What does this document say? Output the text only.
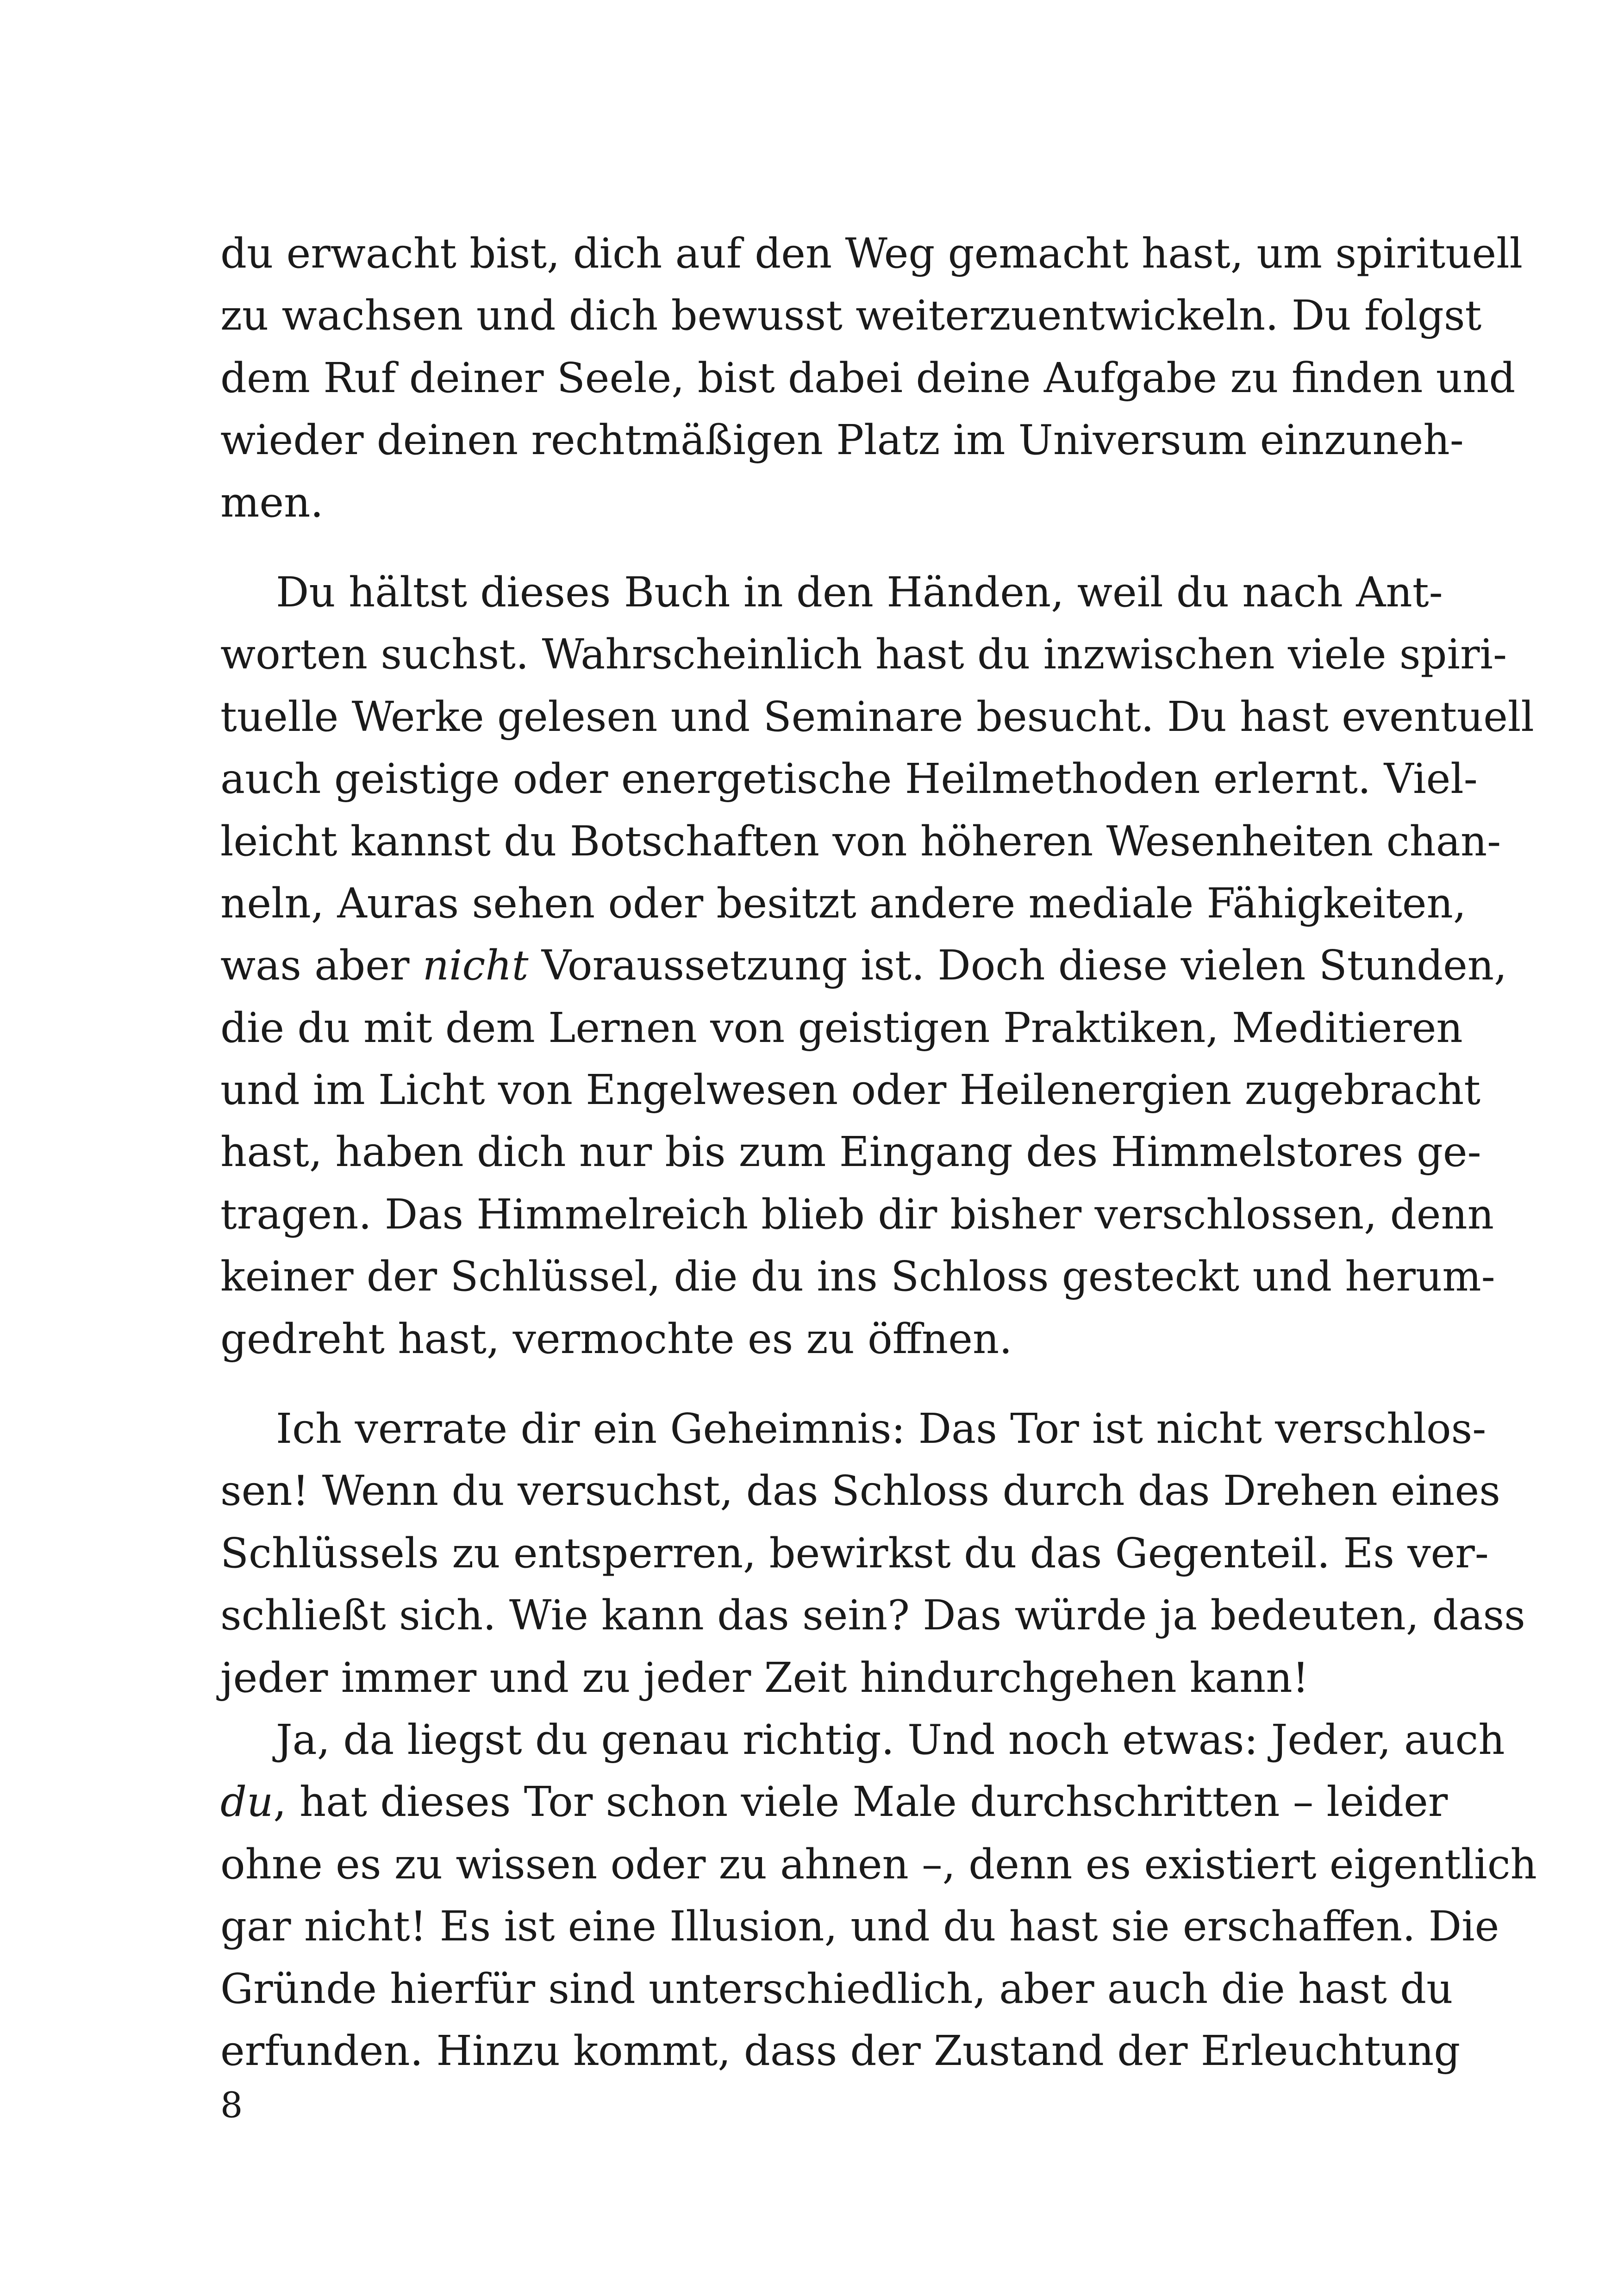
du erwacht bist, dich auf den Weg gemacht hast, um spirituell
zu wachsen und dich bewusst weiterzuentwickeln. Du folgst
dem Ruf deiner Seele, bist dabei deine Aufgabe zu finden und
wieder deinen rechtmäßigen Platz im Universum einzuneh-
men.
Du hältst dieses Buch in den Händen, weil du nach Ant-
worten suchst. Wahrscheinlich hast du inzwischen viele spiri-
tuelle Werke gelesen und Seminare besucht. Du hast eventuell
auch geistige oder energetische Heilmethoden erlernt. Viel-
leicht kannst du Botschaften von höheren Wesenheiten chan-
neln, Auras sehen oder besitzt andere mediale Fähigkeiten,
was aber nicht Voraussetzung ist. Doch diese vielen Stunden,
die du mit dem Lernen von geistigen Praktiken, Meditieren
und im Licht von Engelwesen oder Heilenergien zugebracht
hast, haben dich nur bis zum Eingang des Himmelstores ge-
tragen. Das Himmelreich blieb dir bisher verschlossen, denn
keiner der Schlüssel, die du ins Schloss gesteckt und herum-
gedreht hast, vermochte es zu öffnen.
Ich verrate dir ein Geheimnis: Das Tor ist nicht verschlos-
sen! Wenn du versuchst, das Schloss durch das Drehen eines
Schlüssels zu entsperren, bewirkst du das Gegenteil. Es ver-
schließt sich. Wie kann das sein? Das würde ja bedeuten, dass
jeder immer und zu jeder Zeit hindurchgehen kann!
Ja, da liegst du genau richtig. Und noch etwas: Jeder, auch
du, hat dieses Tor schon viele Male durchschritten – leider
ohne es zu wissen oder zu ahnen –, denn es existiert eigentlich
gar nicht! Es ist eine Illusion, und du hast sie erschaffen. Die
Gründe hierfür sind unterschiedlich, aber auch die hast du
erfunden. Hinzu kommt, dass der Zustand der Erleuchtung
8
